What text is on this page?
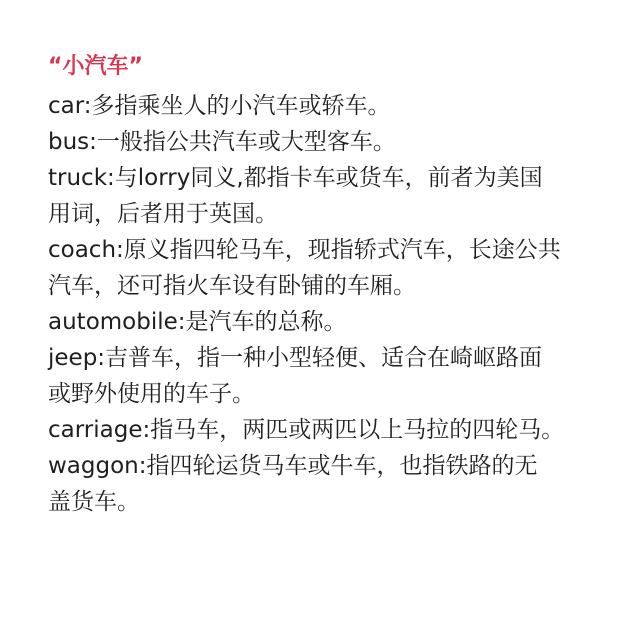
“小汽车”
car:多指乘坐人的小汽车或轿车。
bus:一般指公共汽车或大型客车。
truck:与lorry同义,都指卡车或货车，前者为美国
用词，后者用于英国。
coach:原义指四轮马车，现指轿式汽车，长途公共
汽车，还可指火车设有卧铺的车厢。
automobile:是汽车的总称。
jeep:吉普车，指一种小型轻便、适合在崎岖路面
或野外使用的车子。
carriage:指马车，两匹或两匹以上马拉的四轮马。
waggon:指四轮运货马车或牛车，也指铁路的无
盖货车。
